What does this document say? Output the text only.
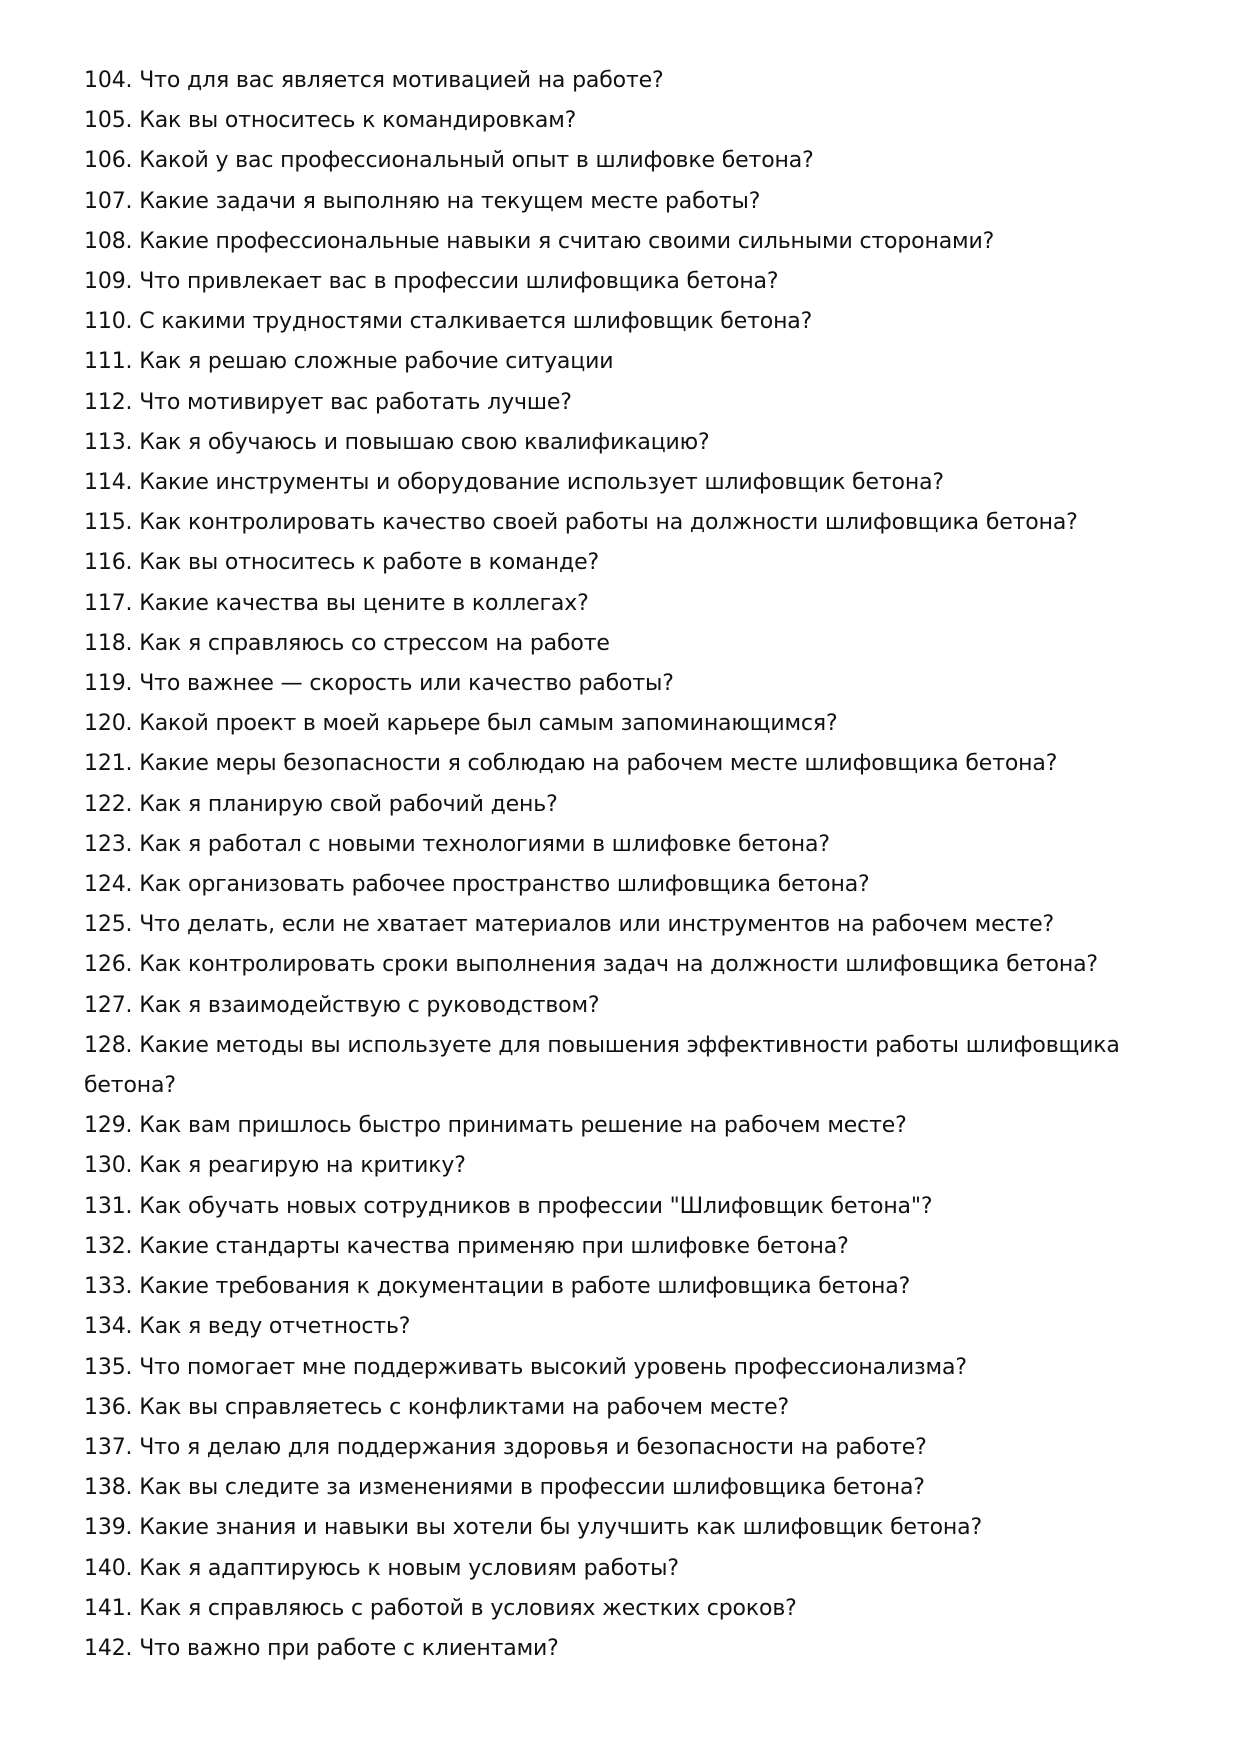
104. Что для вас является мотивацией на работе?
105. Как вы относитесь к командировкам?
106. Какой у вас профессиональный опыт в шлифовке бетона?
107. Какие задачи я выполняю на текущем месте работы?
108. Какие профессиональные навыки я считаю своими сильными сторонами?
109. Что привлекает вас в профессии шлифовщика бетона?
110. С какими трудностями сталкивается шлифовщик бетона?
111. Как я решаю сложные рабочие ситуации
112. Что мотивирует вас работать лучше?
113. Как я обучаюсь и повышаю свою квалификацию?
114. Какие инструменты и оборудование использует шлифовщик бетона?
115. Как контролировать качество своей работы на должности шлифовщика бетона?
116. Как вы относитесь к работе в команде?
117. Какие качества вы цените в коллегах?
118. Как я справляюсь со стрессом на работе
119. Что важнее — скорость или качество работы?
120. Какой проект в моей карьере был самым запоминающимся?
121. Какие меры безопасности я соблюдаю на рабочем месте шлифовщика бетона?
122. Как я планирую свой рабочий день?
123. Как я работал с новыми технологиями в шлифовке бетона?
124. Как организовать рабочее пространство шлифовщика бетона?
125. Что делать, если не хватает материалов или инструментов на рабочем месте?
126. Как контролировать сроки выполнения задач на должности шлифовщика бетона?
127. Как я взаимодействую с руководством?
128. Какие методы вы используете для повышения эффективности работы шлифовщика бетона?
129. Как вам пришлось быстро принимать решение на рабочем месте?
130. Как я реагирую на критику?
131. Как обучать новых сотрудников в профессии "Шлифовщик бетона"?
132. Какие стандарты качества применяю при шлифовке бетона?
133. Какие требования к документации в работе шлифовщика бетона?
134. Как я веду отчетность?
135. Что помогает мне поддерживать высокий уровень профессионализма?
136. Как вы справляетесь с конфликтами на рабочем месте?
137. Что я делаю для поддержания здоровья и безопасности на работе?
138. Как вы следите за изменениями в профессии шлифовщика бетона?
139. Какие знания и навыки вы хотели бы улучшить как шлифовщик бетона?
140. Как я адаптируюсь к новым условиям работы?
141. Как я справляюсь с работой в условиях жестких сроков?
142. Что важно при работе с клиентами?
